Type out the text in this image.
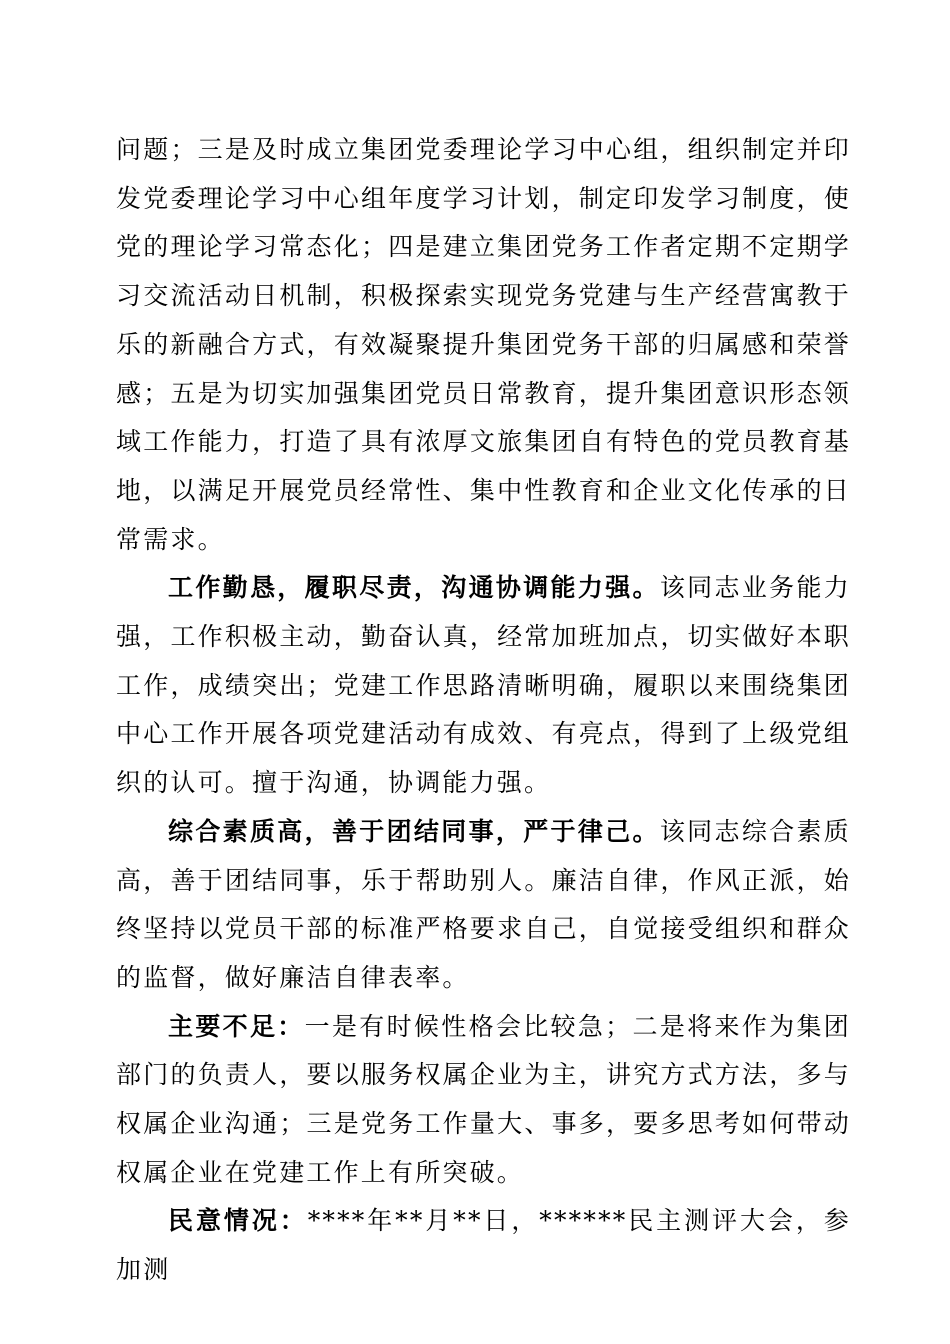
问题；三是及时成立集团党委理论学习中心组，组织制定并印发党委理论学习中心组年度学习计划，制定印发学习制度，使党的理论学习常态化；四是建立集团党务工作者定期不定期学习交流活动日机制，积极探索实现党务党建与生产经营寓教于乐的新融合方式，有效凝聚提升集团党务干部的归属感和荣誉感；五是为切实加强集团党员日常教育，提升集团意识形态领域工作能力，打造了具有浓厚文旅集团自有特色的党员教育基地，以满足开展党员经常性、集中性教育和企业文化传承的日常需求。

工作勤恳，履职尽责，沟通协调能力强。该同志业务能力强，工作积极主动，勤奋认真，经常加班加点，切实做好本职工作，成绩突出；党建工作思路清晰明确，履职以来围绕集团中心工作开展各项党建活动有成效、有亮点，得到了上级党组织的认可。擅于沟通，协调能力强。

综合素质高，善于团结同事，严于律己。该同志综合素质高，善于团结同事，乐于帮助别人。廉洁自律，作风正派，始终坚持以党员干部的标准严格要求自己，自觉接受组织和群众的监督，做好廉洁自律表率。

主要不足：一是有时候性格会比较急；二是将来作为集团部门的负责人，要以服务权属企业为主，讲究方式方法，多与权属企业沟通；三是党务工作量大、事多，要多思考如何带动权属企业在党建工作上有所突破。

民意情况：****年**月**日，******民主测评大会，参加测
